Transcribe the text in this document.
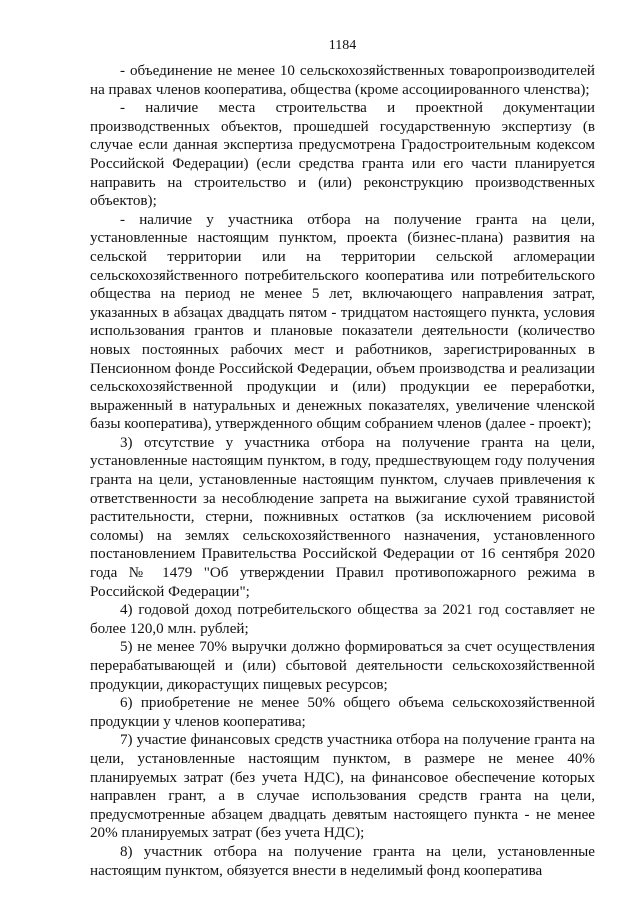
1184

- объединение не менее 10 сельскохозяйственных товаропроизводителей на правах членов кооператива, общества (кроме ассоциированного членства);

- наличие места строительства и проектной документации производственных объектов, прошедшей государственную экспертизу (в случае если данная экспертиза предусмотрена Градостроительным кодексом Российской Федерации) (если средства гранта или его части планируется направить на строительство и (или) реконструкцию производственных объектов);

- наличие у участника отбора на получение гранта на цели, установленные настоящим пунктом, проекта (бизнес-плана) развития на сельской территории или на территории сельской агломерации сельскохозяйственного потребительского кооператива или потребительского общества на период не менее 5 лет, включающего направления затрат, указанных в абзацах двадцать пятом - тридцатом настоящего пункта, условия использования грантов и плановые показатели деятельности (количество новых постоянных рабочих мест и работников, зарегистрированных в Пенсионном фонде Российской Федерации, объем производства и реализации сельскохозяйственной продукции и (или) продукции ее переработки, выраженный в натуральных и денежных показателях, увеличение членской базы кооператива), утвержденного общим собранием членов (далее - проект);

3) отсутствие у участника отбора на получение гранта на цели, установленные настоящим пунктом, в году, предшествующем году получения гранта на цели, установленные настоящим пунктом, случаев привлечения к ответственности за несоблюдение запрета на выжигание сухой травянистой растительности, стерни, пожнивных остатков (за исключением рисовой соломы) на землях сельскохозяйственного назначения, установленного постановлением Правительства Российской Федерации от 16 сентября 2020 года № 1479 "Об утверждении Правил противопожарного режима в Российской Федерации";

4) годовой доход потребительского общества за 2021 год составляет не более 120,0 млн. рублей;

5) не менее 70% выручки должно формироваться за счет осуществления перерабатывающей и (или) сбытовой деятельности сельскохозяйственной продукции, дикорастущих пищевых ресурсов;

6) приобретение не менее 50% общего объема сельскохозяйственной продукции у членов кооператива;

7) участие финансовых средств участника отбора на получение гранта на цели, установленные настоящим пунктом, в размере не менее 40% планируемых затрат (без учета НДС), на финансовое обеспечение которых направлен грант, а в случае использования средств гранта на цели, предусмотренные абзацем двадцать девятым настоящего пункта - не менее 20% планируемых затрат (без учета НДС);

8) участник отбора на получение гранта на цели, установленные настоящим пунктом, обязуется внести в неделимый фонд кооператива
